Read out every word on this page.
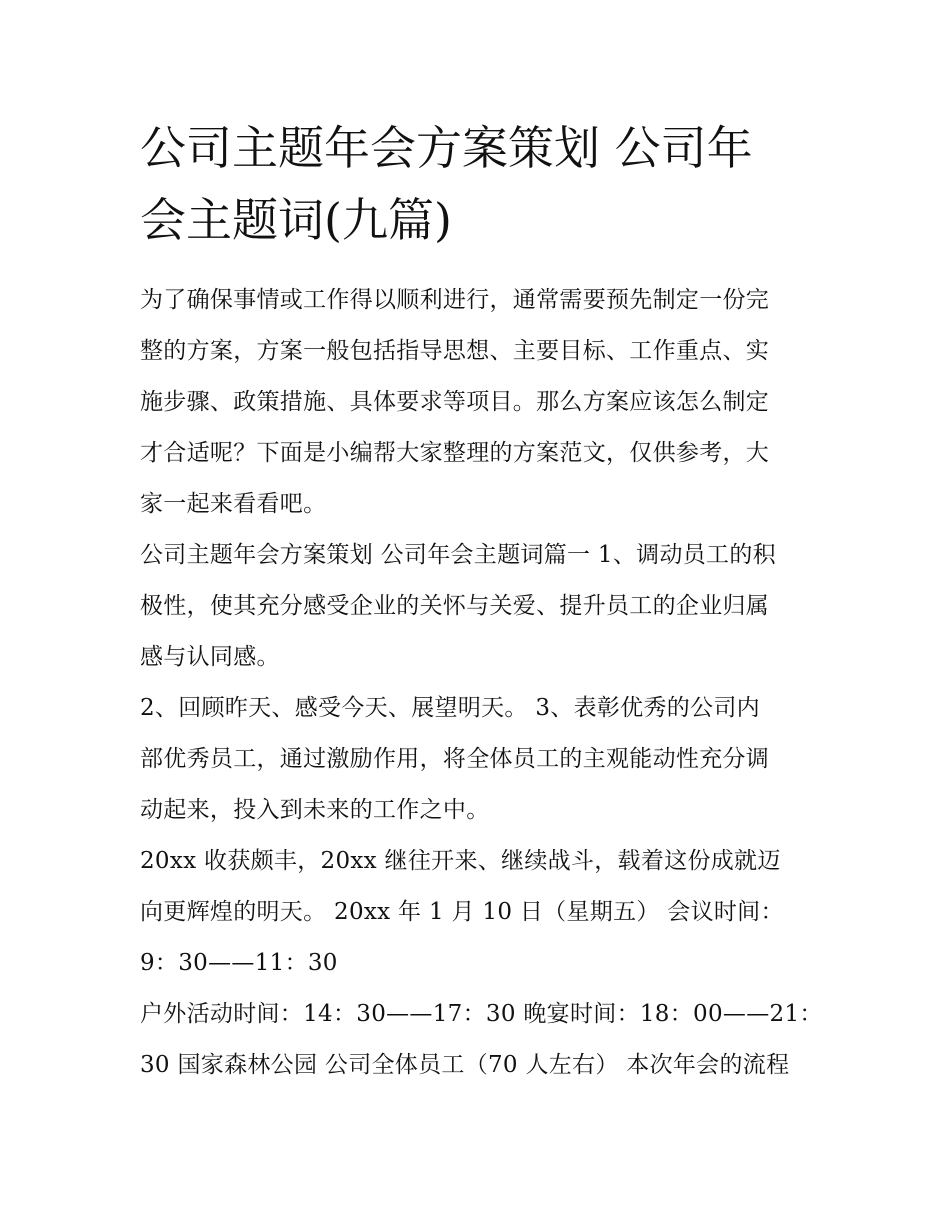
公司主题年会方案策划 公司年
会主题词(九篇)

为了确保事情或工作得以顺利进行，通常需要预先制定一份完

整的方案，方案一般包括指导思想、主要目标、工作重点、实

施步骤、政策措施、具体要求等项目。那么方案应该怎么制定

才合适呢？下面是小编帮大家整理的方案范文，仅供参考，大

家一起来看看吧。

公司主题年会方案策划 公司年会主题词篇一 1、调动员工的积

极性，使其充分感受企业的关怀与关爱、提升员工的企业归属

感与认同感。

2、回顾昨天、感受今天、展望明天。 3、表彰优秀的公司内

部优秀员工，通过激励作用，将全体员工的主观能动性充分调

动起来，投入到未来的工作之中。

20xx 收获颇丰，20xx 继往开来、继续战斗，载着这份成就迈

向更辉煌的明天。 20xx 年 1 月 10 日（星期五） 会议时间：

9：30——11：30

户外活动时间：14：30——17：30 晚宴时间：18：00——21：

30 国家森林公园 公司全体员工（70 人左右） 本次年会的流程
